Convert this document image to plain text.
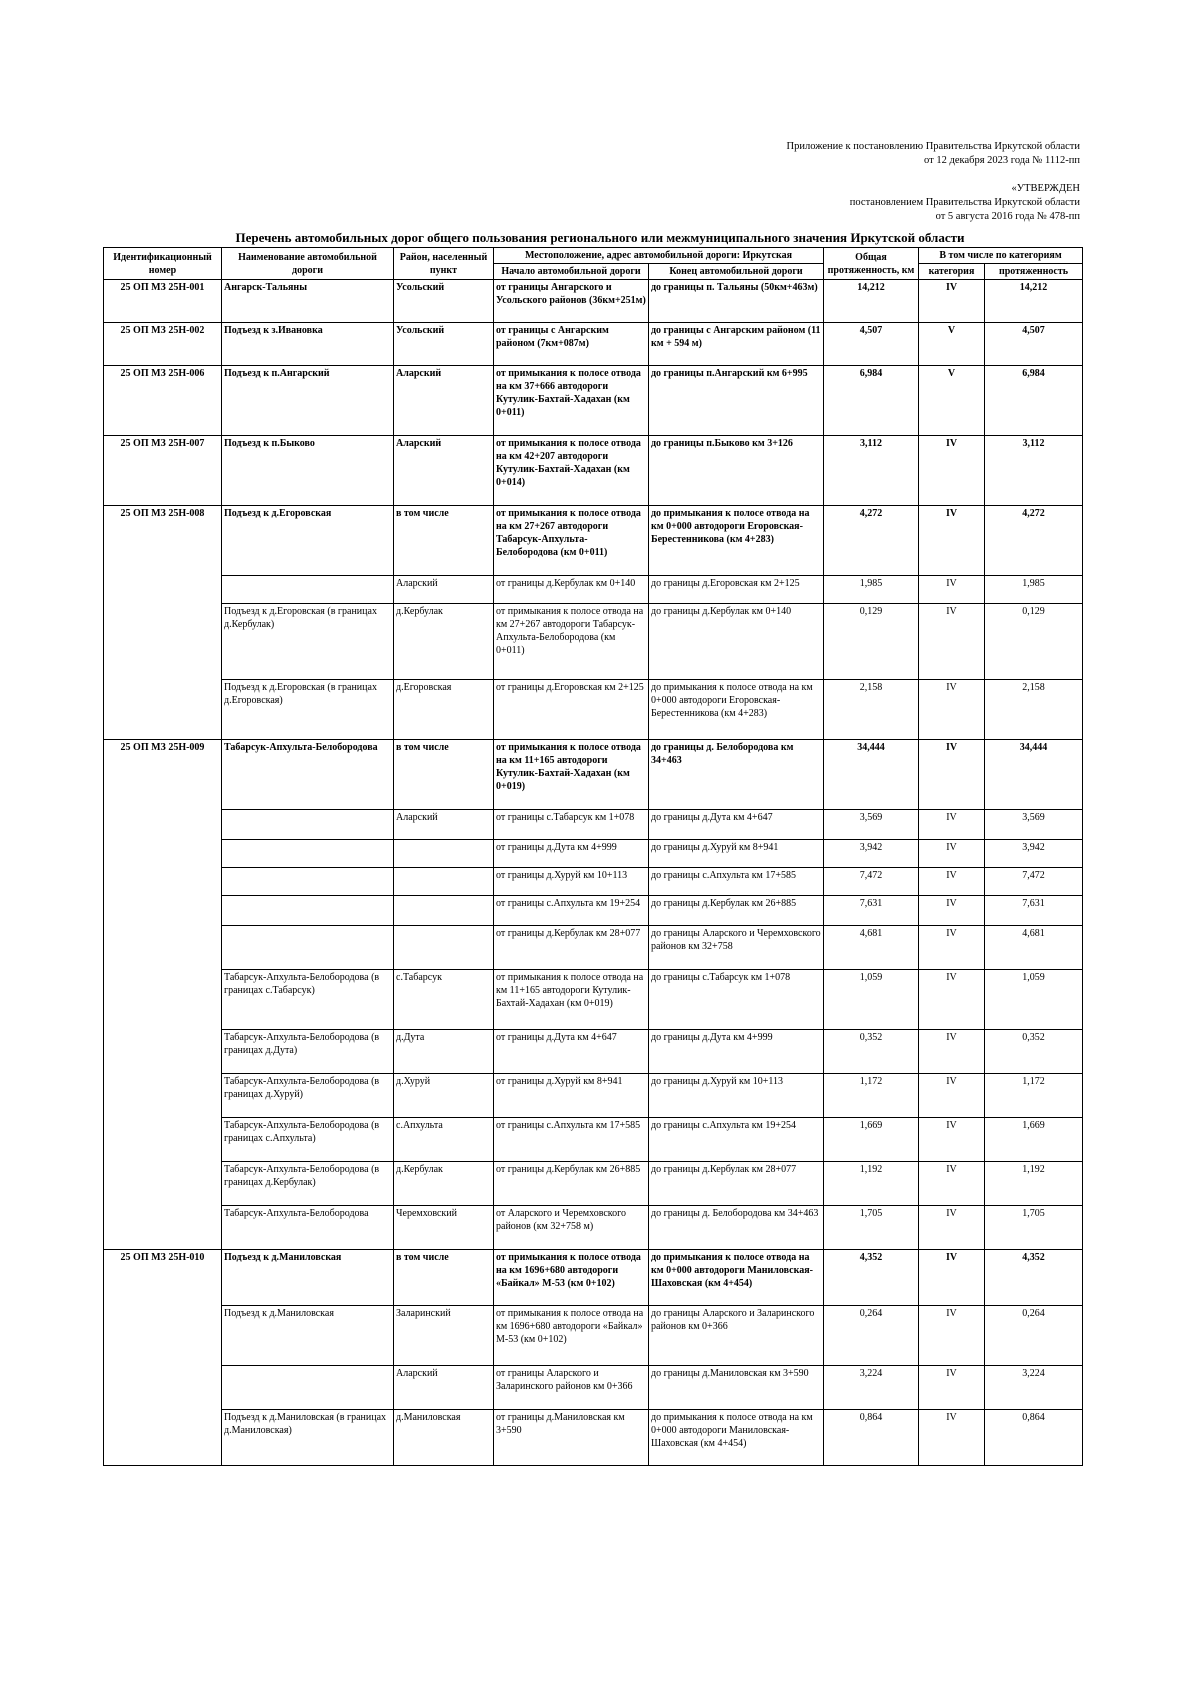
Приложение к постановлению Правительства Иркутской области
от 12 декабря 2023 года № 1112-пп
«УТВЕРЖДЕН
постановлением Правительства Иркутской области
от 5 августа 2016 года № 478-пп
Перечень автомобильных дорог общего пользования регионального или межмуниципального значения Иркутской области
Идентификационный номер	Наименование автомобильной дороги	Район, населенный пункт	Местоположение, адрес автомобильной дороги: Иркутская		Общая протяженность, км	В том числе по категориям	
			Начало автомобильной дороги	Конец автомобильной дороги		категория	протяженность
25 ОП МЗ 25Н-001	Ангарск-Тальяны	Усольский	от границы Ангарского и Усольского районов (36км+251м)	до границы п. Тальяны (50км+463м)	14,212	IV	14,212
25 ОП МЗ 25Н-002	Подъезд к з.Ивановка	Усольский	от границы с Ангарским районом (7км+087м)	до границы с Ангарским районом (11 км + 594 м)	4,507	V	4,507
25 ОП МЗ 25Н-006	Подъезд к п.Ангарский	Аларский	от примыкания к полосе отвода на км 37+666 автодороги Кутулик-Бахтай-Хадахан (км 0+011)	до границы п.Ангарский км 6+995	6,984	V	6,984
25 ОП МЗ 25Н-007	Подъезд к п.Быково	Аларский	от примыкания к полосе отвода на км 42+207 автодороги Кутулик-Бахтай-Хадахан (км 0+014)	до границы п.Быково км 3+126	3,112	IV	3,112
25 ОП МЗ 25Н-008	Подъезд к д.Егоровская	в том числе	от примыкания к полосе отвода на км 27+267 автодороги Табарсук-Апхульта-Белобородова (км 0+011)	до примыкания к полосе отвода на км 0+000 автодороги Егоровская-Берестенникова (км 4+283)	4,272	IV	4,272
		Аларский	от границы д.Кербулак км 0+140	до границы д.Егоровская км 2+125	1,985	IV	1,985
	Подъезд к д.Егоровская (в границах д.Кербулак)	д.Кербулак	от примыкания к полосе отвода на км 27+267 автодороги Табарсук-Апхульта-Белобородова (км 0+011)	до границы д.Кербулак км 0+140	0,129	IV	0,129
	Подъезд к д.Егоровская (в границах д.Егоровская)	д.Егоровская	от границы д.Егоровская км 2+125	до примыкания к полосе отвода на км 0+000 автодороги Егоровская-Берестенникова (км 4+283)	2,158	IV	2,158
25 ОП МЗ 25Н-009	Табарсук-Апхульта-Белобородова	в том числе	от примыкания к полосе отвода на км 11+165 автодороги Кутулик-Бахтай-Хадахан (км 0+019)	до границы д. Белобородова км 34+463	34,444	IV	34,444
		Аларский	от границы с.Табарсук км 1+078	до границы д.Дута км 4+647	3,569	IV	3,569
			от границы д.Дута км 4+999	до границы д.Хуруй км 8+941	3,942	IV	3,942
			от границы д.Хуруй км 10+113	до границы с.Апхульта км 17+585	7,472	IV	7,472
			от границы с.Апхульта км 19+254	до границы д.Кербулак км 26+885	7,631	IV	7,631
			от границы д.Кербулак км 28+077	до границы Аларского и Черемховского районов км 32+758	4,681	IV	4,681
	Табарсук-Апхульта-Белобородова (в границах с.Табарсук)	с.Табарсук	от примыкания к полосе отвода на км 11+165 автодороги Кутулик-Бахтай-Хадахан (км 0+019)	до границы с.Табарсук км 1+078	1,059	IV	1,059
	Табарсук-Апхульта-Белобородова (в границах д.Дута)	д.Дута	от границы д.Дута км 4+647	до границы д.Дута км 4+999	0,352	IV	0,352
	Табарсук-Апхульта-Белобородова (в границах д.Хуруй)	д.Хуруй	от границы д.Хуруй км 8+941	до границы д.Хуруй км 10+113	1,172	IV	1,172
	Табарсук-Апхульта-Белобородова (в границах с.Апхульта)	с.Апхульта	от границы с.Апхульта км 17+585	до границы с.Апхульта км 19+254	1,669	IV	1,669
	Табарсук-Апхульта-Белобородова (в границах д.Кербулак)	д.Кербулак	от границы д.Кербулак км 26+885	до границы д.Кербулак км 28+077	1,192	IV	1,192
	Табарсук-Апхульта-Белобородова	Черемховский	от Аларского и Черемховского районов (км 32+758 м)	до границы д. Белобородова км 34+463	1,705	IV	1,705
25 ОП МЗ 25Н-010	Подъезд к д.Маниловская	в том числе	от примыкания к полосе отвода на км 1696+680 автодороги «Байкал» М-53 (км 0+102)	до примыкания к полосе отвода на км 0+000 автодороги Маниловская-Шаховская (км 4+454)	4,352	IV	4,352
	Подъезд к д.Маниловская	Заларинский	от примыкания к полосе отвода на км 1696+680 автодороги «Байкал» М-53 (км 0+102)	до границы Аларского и Заларинского районов км 0+366	0,264	IV	0,264
		Аларский	от границы Аларского и Заларинского районов км 0+366	до границы д.Маниловская км 3+590	3,224	IV	3,224
	Подъезд к д.Маниловская (в границах д.Маниловская)	д.Маниловская	от границы д.Маниловская км 3+590	до примыкания к полосе отвода на км 0+000 автодороги Маниловская-Шаховская (км 4+454)	0,864	IV	0,864
